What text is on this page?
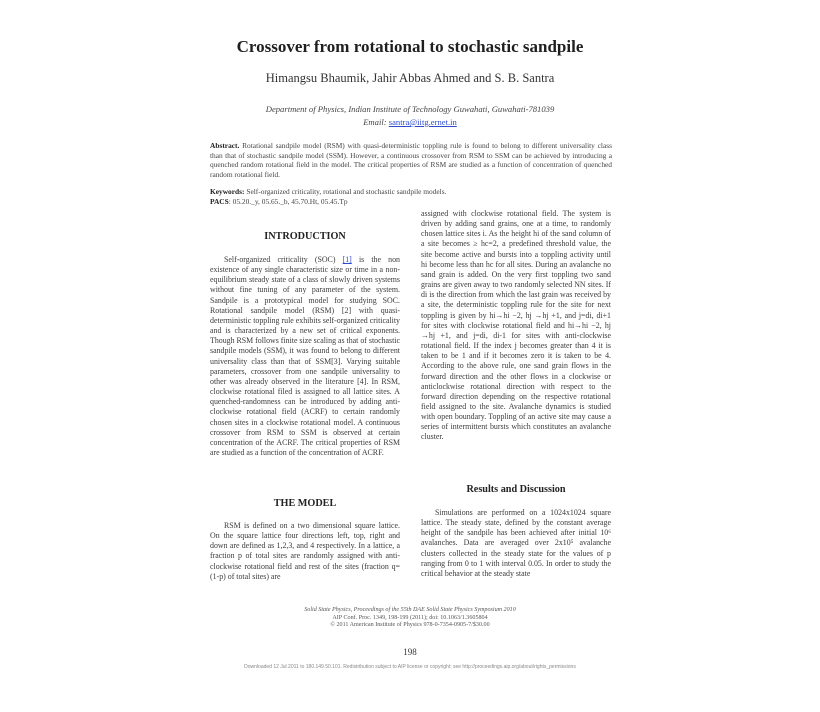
Crossover from rotational to stochastic sandpile
Himangsu Bhaumik, Jahir Abbas Ahmed and S. B. Santra
Department of Physics, Indian Institute of Technology Guwahati, Guwahati-781039
Email: santra@iitg.ernet.in
Abstract. Rotational sandpile model (RSM) with quasi-deterministic toppling rule is found to belong to different universality class than that of stochastic sandpile model (SSM). However, a continuous crossover from RSM to SSM can be achieved by introducing a quenched random rotational field in the model. The critical properties of RSM are studied as a function of concentration of quenched random rotational field.
Keywords: Self-organized criticality, rotational and stochastic sandpile models.
PACS: 05.20._y, 05.65._b, 45.70.Ht, 05.45.Tp
INTRODUCTION

Self-organized criticality (SOC) [1] is the non existence of any single characteristic size or time in a non-equilibrium steady state of a class of slowly driven systems without fine tuning of any parameter of the system. Sandpile is a prototypical model for studying SOC. Rotational sandpile model (RSM) [2] with quasi-deterministic toppling rule exhibits self-organized criticality and is characterized by a new set of critical exponents. Though RSM follows finite size scaling as that of stochastic sandpile models (SSM), it was found to belong to different universality class than that of SSM[3]. Varying suitable parameters, crossover from one sandpile universality to other was already observed in the literature [4]. In RSM, clockwise rotational filed is assigned to all lattice sites. A quenched-randomness can be introduced by adding anti-clockwise rotational field (ACRF) to certain randomly chosen sites in a clockwise rotational model. A continuous crossover from RSM to SSM is observed at certain concentration of the ACRF. The critical properties of RSM are studied as a function of the concentration of ACRF.

THE MODEL

RSM is defined on a two dimensional square lattice. On the square lattice four directions left, top, right and down are defined as 1,2,3, and 4 respectively. In a lattice, a fraction p of total sites are randomly assigned with anti-clockwise rotational field and rest of the sites (fraction q=(1-p) of total sites) are

assigned with clockwise rotational field. The system is driven by adding sand grains, one at a time, to randomly chosen lattice sites i. As the height hi of the sand column of a site becomes ≥ hc=2, a predefined threshold value, the site become active and bursts into a toppling activity until hi become less than hc for all sites. During an avalanche no sand grain is added. On the very first toppling two sand grains are given away to two randomly selected NN sites. If di is the direction from which the last grain was received by a site, the deterministic toppling rule for the site for next toppling is given by hi→hi −2, hj →hj +1, and j=di, di+1 for sites with clockwise rotational field and hi→hi −2, hj →hj +1, and j=di, di-1 for sites with anti-clockwise rotational field. If the index j becomes greater than 4 it is taken to be 1 and if it becomes zero it is taken to be 4. According to the above rule, one sand grain flows in the forward direction and the other flows in a clockwise or anticlockwise rotational direction with respect to the forward direction depending on the respective rotational field assigned to the site. Avalanche dynamics is studied with open boundary. Toppling of an active site may cause a series of intermittent bursts which constitutes an avalanche cluster.

Results and Discussion

Simulations are performed on a 1024x1024 square lattice. The steady state, defined by the constant average height of the sandpile has been achieved after initial 10⁶ avalanches. Data are averaged over 2x10⁵ avalanche clusters collected in the steady state for the values of p ranging from 0 to 1 with interval 0.05. In order to study the critical behavior at the steady state

Solid State Physics, Proceedings of the 55th DAE Solid State Physics Symposium 2010
AIP Conf. Proc. 1349, 198-199 (2011); doi: 10.1063/1.3605804
© 2011 American Institute of Physics 978-0-7354-0905-7/$30.00
198
Downloaded 12 Jul 2011 to 180.149.50.101. Redistribution subject to AIP license or copyright; see http://proceedings.aip.org/about/rights_permissions
